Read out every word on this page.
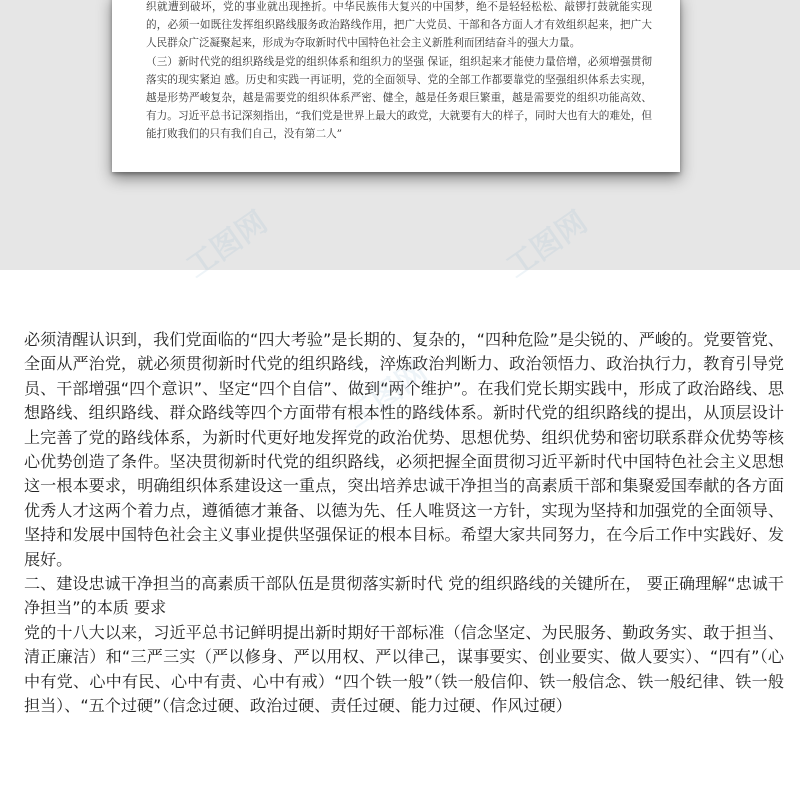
织就遭到破坏，党的事业就出现挫折。中华民族伟大复兴的中国梦，绝不是轻轻松松、敲锣打鼓就能实现的，必须一如既往发挥组织路线服务政治路线作用，把广大党员、干部和各方面人才有效组织起来，把广大人民群众广泛凝聚起来，形成为夺取新时代中国特色社会主义新胜利而团结奋斗的强大力量。

（三）新时代党的组织路线是党的组织体系和组织力的坚强 保证，组织起来才能使力量倍增，必须增强贯彻落实的现实紧迫 感。历史和实践一再证明，党的全面领导、党的全部工作都要靠党的坚强组织体系去实现，越是形势严峻复杂，越是需要党的组织体系严密、健全，越是任务艰巨繁重，越是需要党的组织功能高效、有力。习近平总书记深刻指出，“我们党是世界上最大的政党，大就要有大的样子，同时大也有大的难处，但能打败我们的只有我们自己，没有第二人”

工图网	工图网
工图网

必须清醒认识到，我们党面临的“四大考验”是长期的、复杂的，“四种危险”是尖锐的、严峻的。党要管党、全面从严治党，就必须贯彻新时代党的组织路线，淬炼政治判断力、政治领悟力、政治执行力，教育引导党员、干部增强“四个意识”、坚定“四个自信”、做到“两个维护”。在我们党长期实践中，形成了政治路线、思想路线、组织路线、群众路线等四个方面带有根本性的路线体系。新时代党的组织路线的提出，从顶层设计上完善了党的路线体系，为新时代更好地发挥党的政治优势、思想优势、组织优势和密切联系群众优势等核心优势创造了条件。坚决贯彻新时代党的组织路线，必须把握全面贯彻习近平新时代中国特色社会主义思想这一根本要求，明确组织体系建设这一重点，突出培养忠诚干净担当的高素质干部和集聚爱国奉献的各方面优秀人才这两个着力点，遵循德才兼备、以德为先、任人唯贤这一方针，实现为坚持和加强党的全面领导、坚持和发展中国特色社会主义事业提供坚强保证的根本目标。希望大家共同努力，在今后工作中实践好、发展好。

二、建设忠诚干净担当的高素质干部队伍是贯彻落实新时代 党的组织路线的关键所在， 要正确理解“忠诚干净担当”的本质 要求

党的十八大以来，习近平总书记鲜明提出新时期好干部标准（信念坚定、为民服务、勤政务实、敢于担当、清正廉洁）和“三严三实（严以修身、严以用权、严以律己，谋事要实、创业要实、做人要实）、“四有”（心中有党、心中有民、心中有责、心中有戒）“四个铁一般”（铁一般信仰、铁一般信念、铁一般纪律、铁一般担当）、“五个过硬”（信念过硬、政治过硬、责任过硬、能力过硬、作风过硬）
